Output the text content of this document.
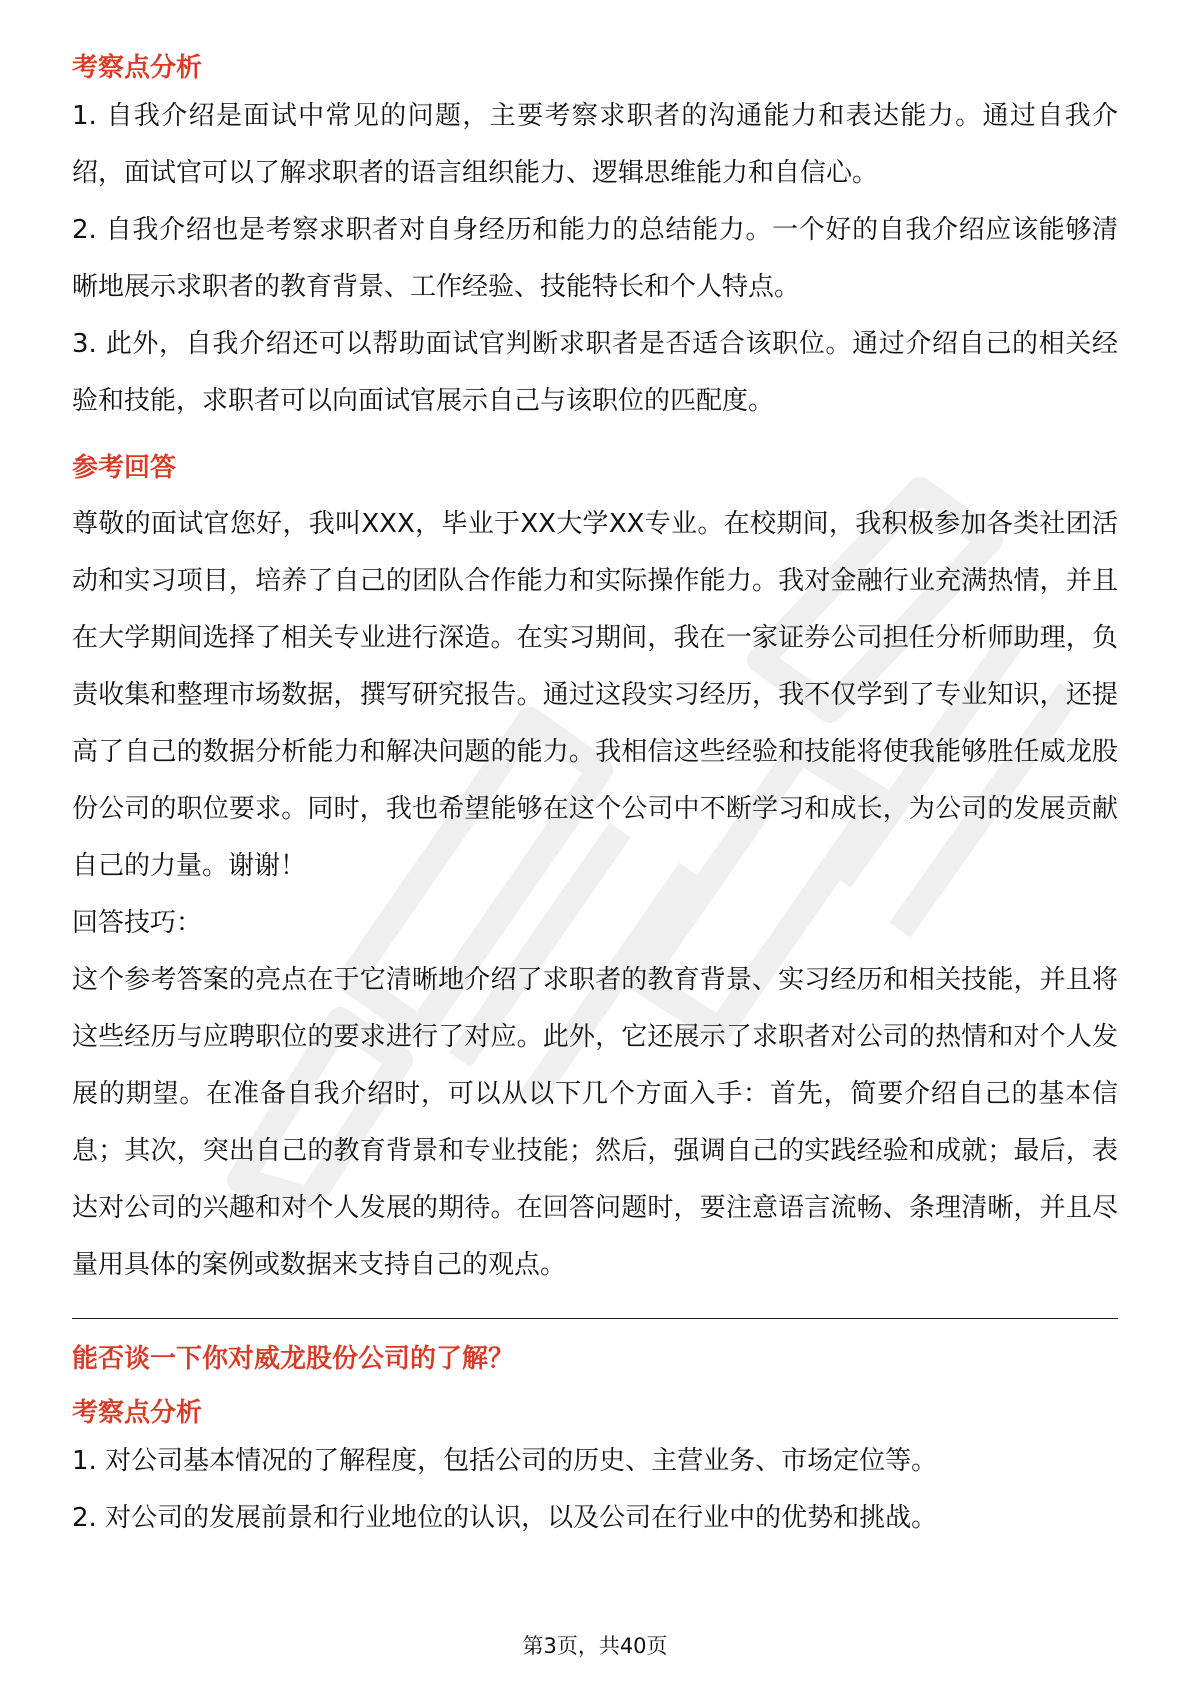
考察点分析

1. 自我介绍是面试中常见的问题，主要考察求职者的沟通能力和表达能力。通过自我介绍，面试官可以了解求职者的语言组织能力、逻辑思维能力和自信心。

2. 自我介绍也是考察求职者对自身经历和能力的总结能力。一个好的自我介绍应该能够清晰地展示求职者的教育背景、工作经验、技能特长和个人特点。

3. 此外，自我介绍还可以帮助面试官判断求职者是否适合该职位。通过介绍自己的相关经验和技能，求职者可以向面试官展示自己与该职位的匹配度。

参考回答

尊敬的面试官您好，我叫XXX，毕业于XX大学XX专业。在校期间，我积极参加各类社团活动和实习项目，培养了自己的团队合作能力和实际操作能力。我对金融行业充满热情，并且在大学期间选择了相关专业进行深造。在实习期间，我在一家证券公司担任分析师助理，负责收集和整理市场数据，撰写研究报告。通过这段实习经历，我不仅学到了专业知识，还提高了自己的数据分析能力和解决问题的能力。我相信这些经验和技能将使我能够胜任威龙股份公司的职位要求。同时，我也希望能够在这个公司中不断学习和成长，为公司的发展贡献自己的力量。谢谢！

回答技巧：

这个参考答案的亮点在于它清晰地介绍了求职者的教育背景、实习经历和相关技能，并且将这些经历与应聘职位的要求进行了对应。此外，它还展示了求职者对公司的热情和对个人发展的期望。在准备自我介绍时，可以从以下几个方面入手：首先，简要介绍自己的基本信息；其次，突出自己的教育背景和专业技能；然后，强调自己的实践经验和成就；最后，表达对公司的兴趣和对个人发展的期待。在回答问题时，要注意语言流畅、条理清晰，并且尽量用具体的案例或数据来支持自己的观点。

能否谈一下你对威龙股份公司的了解？

考察点分析

1. 对公司基本情况的了解程度，包括公司的历史、主营业务、市场定位等。

2. 对公司的发展前景和行业地位的认识，以及公司在行业中的优势和挑战。

第3页，共40页
